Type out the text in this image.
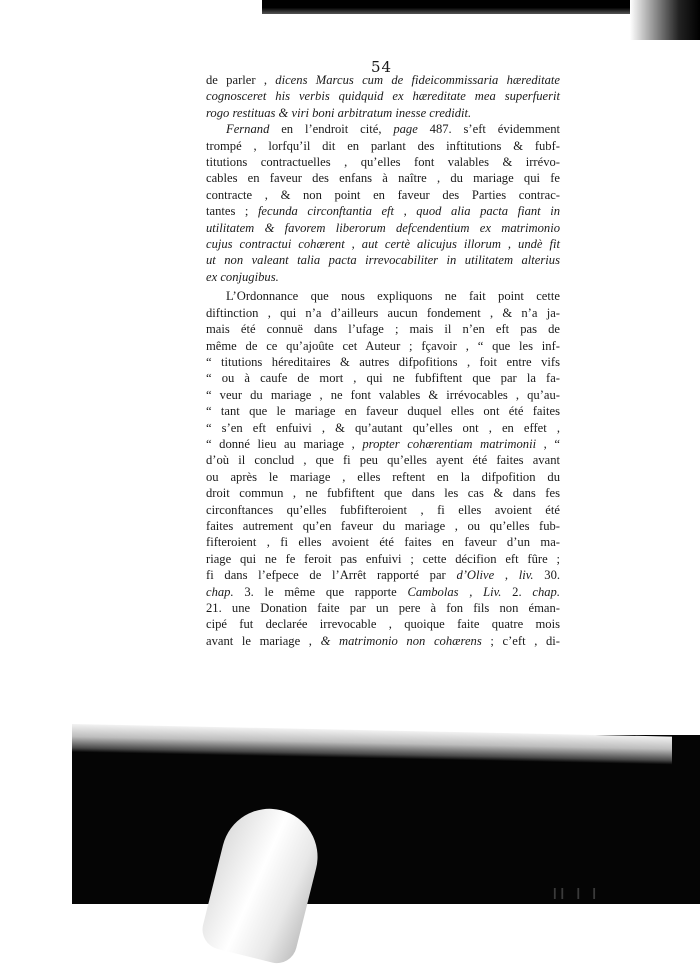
54
de parler , dicens Marcus cum de fideicommissaria hæreditate
cognosceret his verbis quidquid ex hæreditate mea superfuerit
rogo restituas & viri boni arbitratum inesse credidit.
Fernand en l’endroit cité, page 487. s’eft évidemment
trompé , lorfqu’il dit en parlant des inftitutions & fubf-
titutions contractuelles , qu’elles font valables & irrévo-
cables en faveur des enfans à naître , du mariage qui fe
contracte , & non point en faveur des Parties contrac-
tantes ; fecunda circonftantia eft , quod alia pacta fiant in
utilitatem & favorem liberorum defcendentium ex matrimonio
cujus contractui cohærent , aut certè alicujus illorum , undè fit
ut non valeant talia pacta irrevocabiliter in utilitatem alterius
ex conjugibus.
L’Ordonnance que nous expliquons ne fait point cette
diftinction , qui n’a d’ailleurs aucun fondement , & n’a ja-
mais été connuë dans l’ufage ; mais il n’en eft pas de
même de ce qu’ajoûte cet Auteur ; fçavoir , “ que les inf-
“ titutions héreditaires & autres difpofitions , foit entre vifs
“ ou à caufe de mort , qui ne fubfiftent que par la fa-
“ veur du mariage , ne font valables & irrévocables , qu’au-
“ tant que le mariage en faveur duquel elles ont été faites
“ s’en eft enfuivi , & qu’autant qu’elles ont , en effet ,
“ donné lieu au mariage , propter cohærentiam matrimonii , “
d’où il conclud , que fi peu qu’elles ayent été faites avant
ou après le mariage , elles reftent en la difpofition du
droit commun , ne fubfiftent que dans les cas & dans fes
circonftances qu’elles fubfifteroient , fi elles avoient été
faites autrement qu’en faveur du mariage , ou qu’elles fub-
fifteroient , fi elles avoient été faites en faveur d’un ma-
riage qui ne fe feroit pas enfuivi ; cette décifion eft fûre ;
fi dans l’efpece de l’Arrêt rapporté par d’Olive , liv. 30.
chap. 3. le même que rapporte Cambolas , Liv. 2. chap.
21. une Donation faite par un pere à fon fils non éman-
cipé fut declarée irrevocable , quoique faite quatre mois
avant le mariage , & matrimonio non cohærens ; c’eft , di-
ıı ı ı
